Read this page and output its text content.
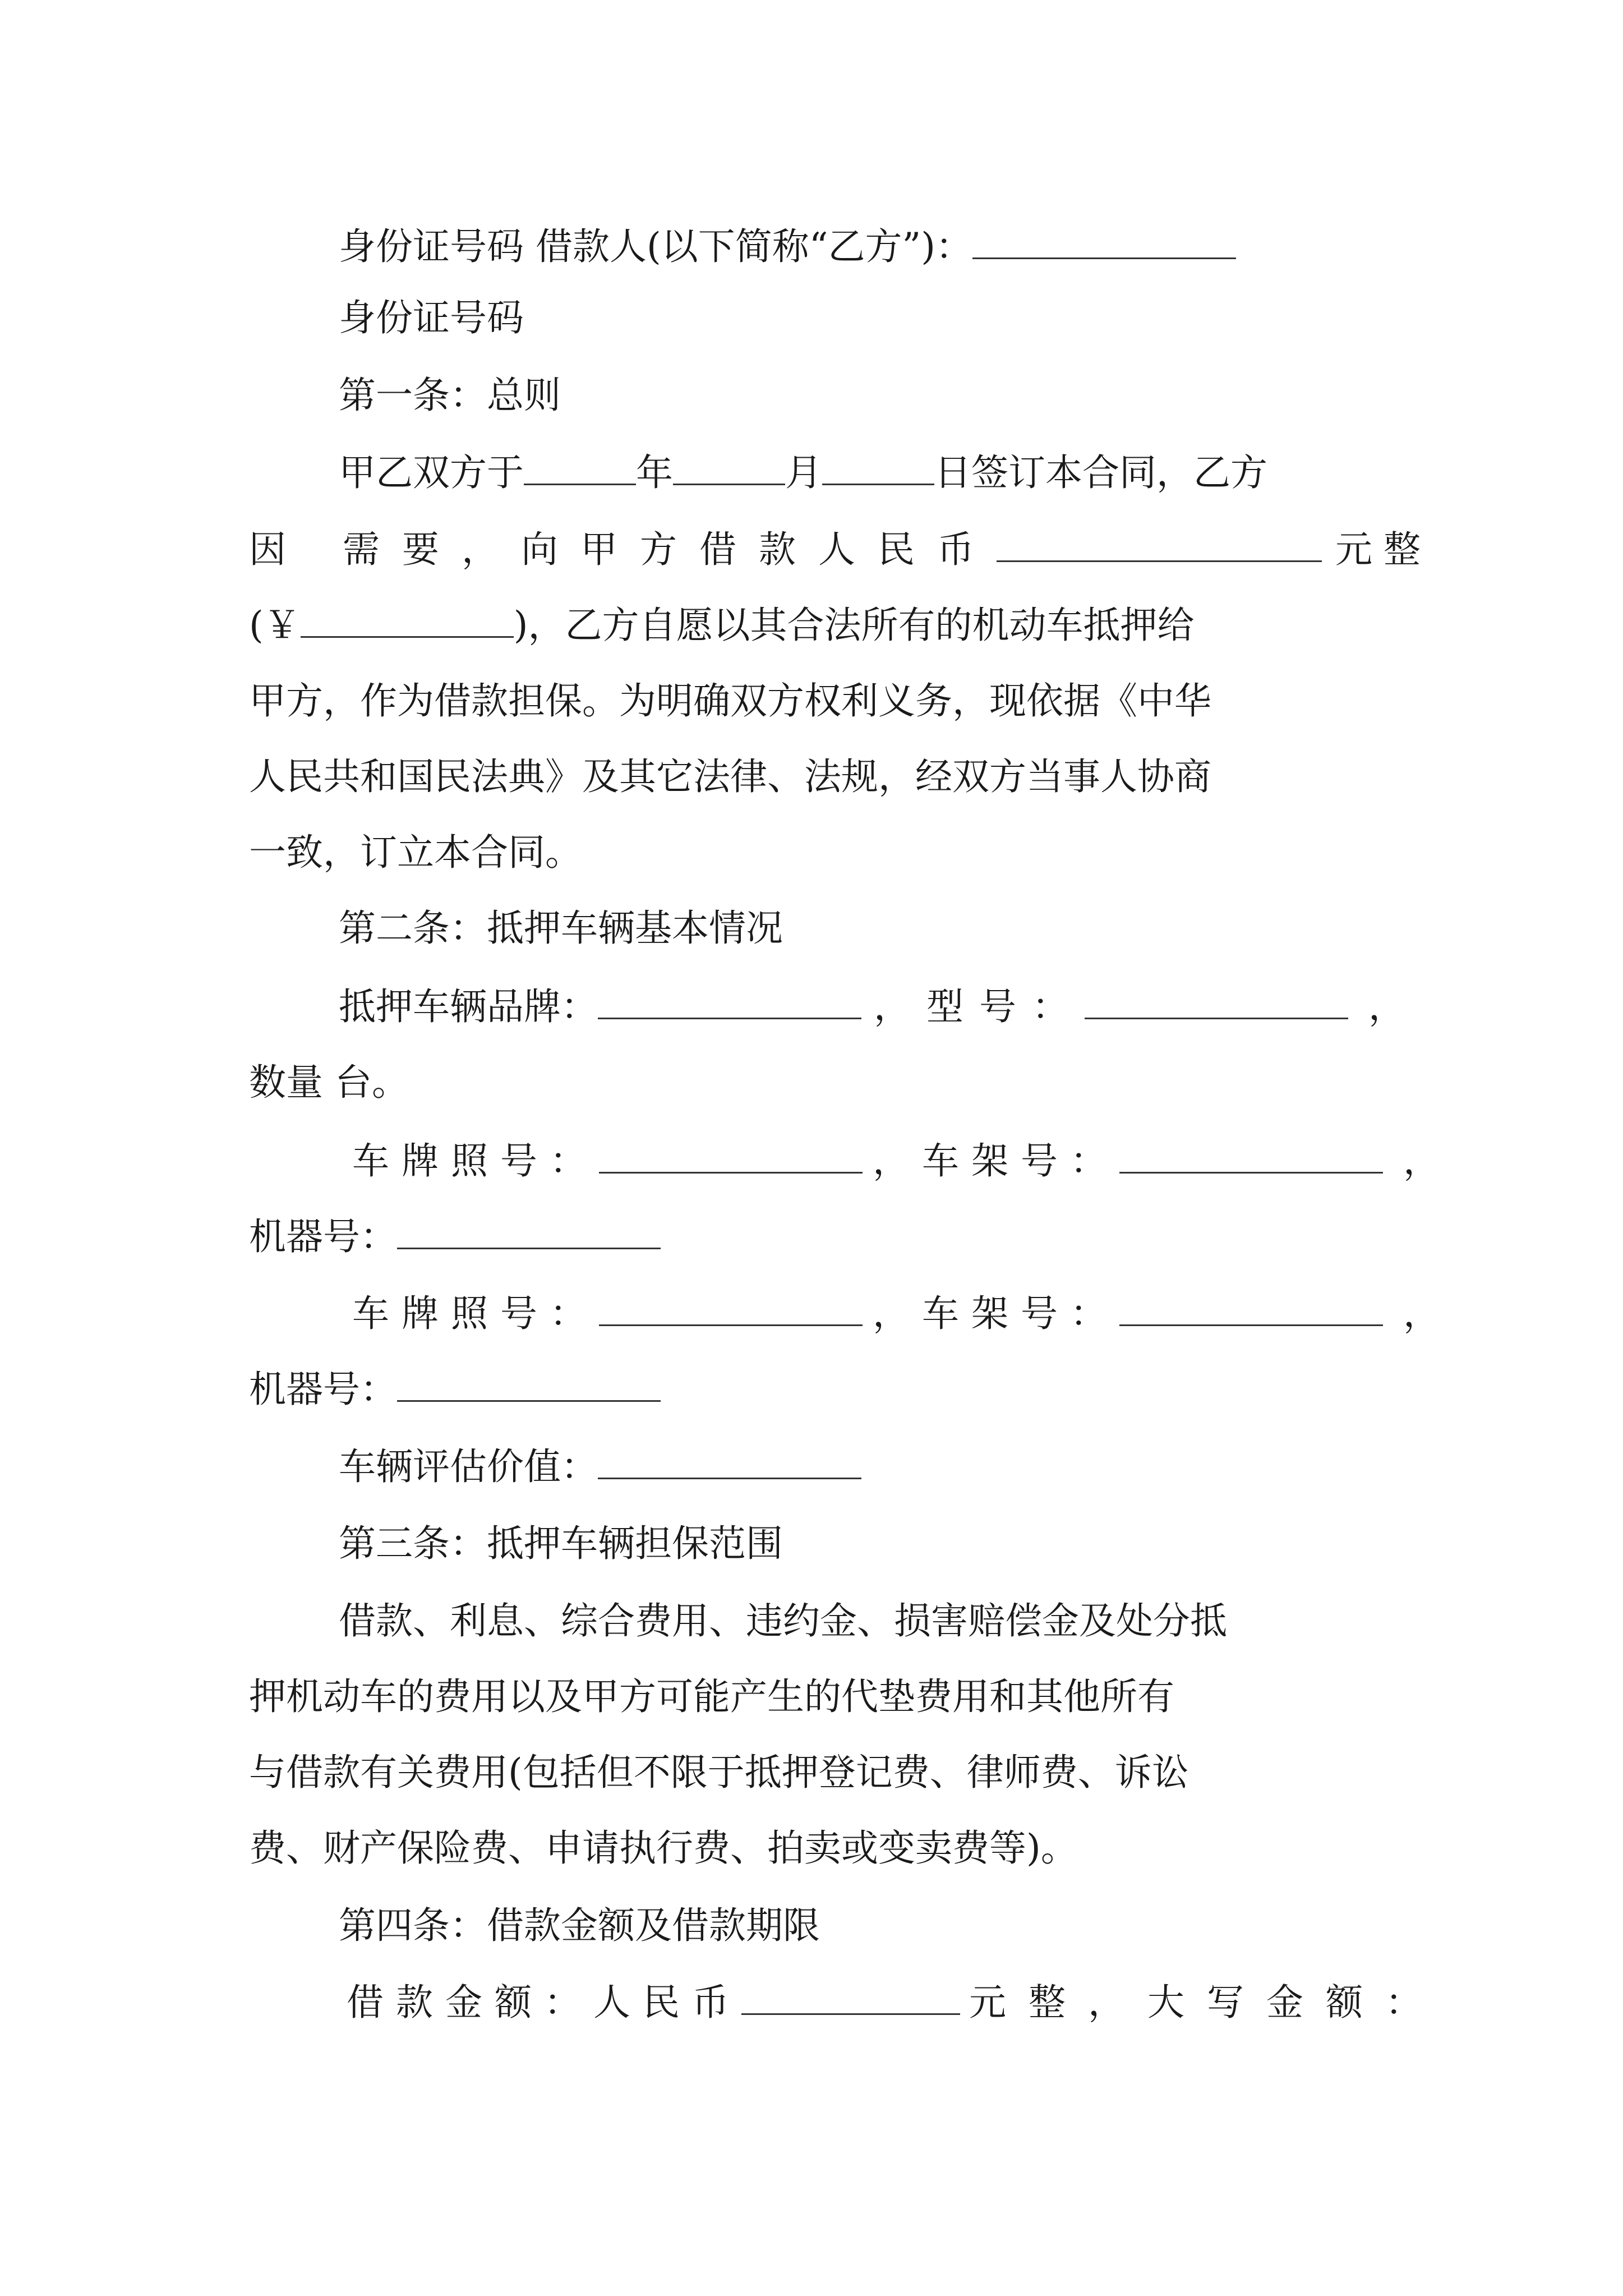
身份证号码 借款人(以下简称“乙方”)：
身份证号码
第一条：总则
甲乙双方于	年	月	日签订本合同，乙方
因 需要，向甲方借款人民币	元整
(￥	)，乙方自愿以其合法所有的机动车抵押给
甲方，作为借款担保。为明确双方权利义务，现依据《中华
人民共和国民法典》及其它法律、法规，经双方当事人协商
一致，订立本合同。
第二条：抵押车辆基本情况
抵押车辆品牌：	，型号：	，
数量 台。
车牌照号：	，车架号：	，
机器号：
车牌照号：	，车架号：	，
机器号：
车辆评估价值：
第三条：抵押车辆担保范围
借款、利息、综合费用、违约金、损害赔偿金及处分抵
押机动车的费用以及甲方可能产生的代垫费用和其他所有
与借款有关费用(包括但不限于抵押登记费、律师费、诉讼
费、财产保险费、申请执行费、拍卖或变卖费等)。
第四条：借款金额及借款期限
借款金额：人民币	元整，大写金额：
